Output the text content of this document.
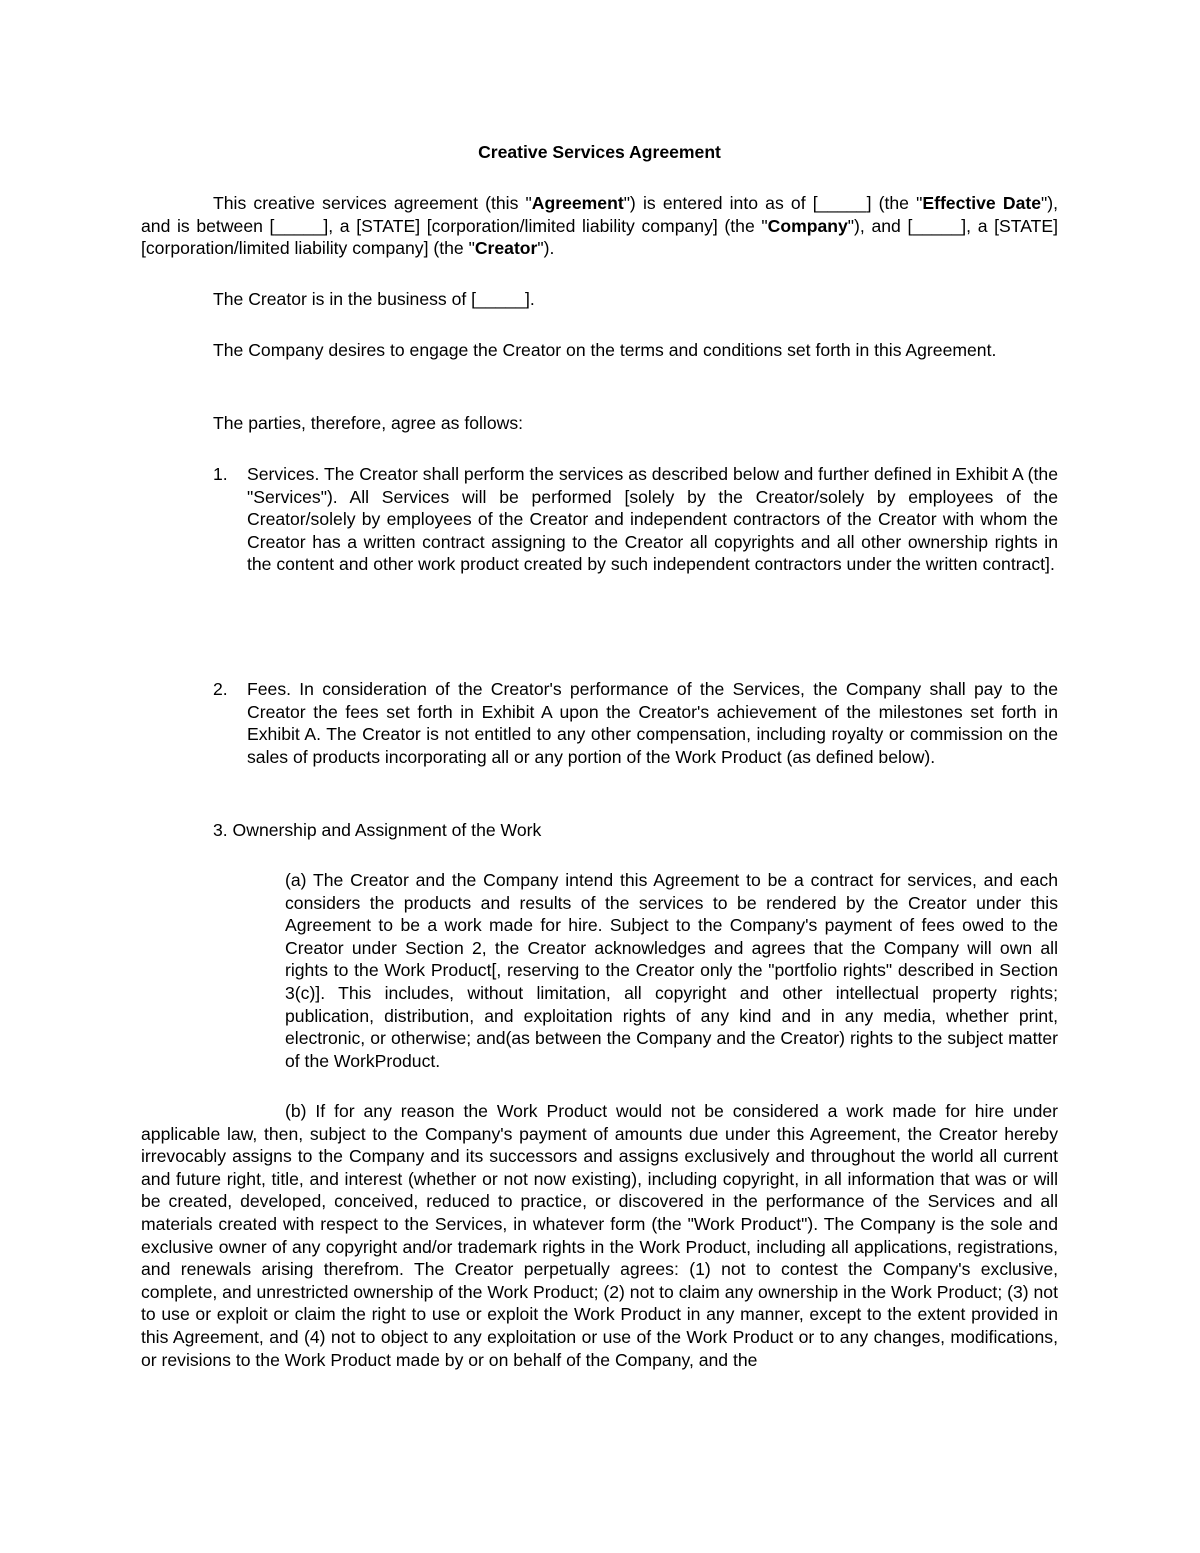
Creative Services Agreement

This creative services agreement (this "Agreement") is entered into as of [_____] (the "Effective Date"), and is between [_____], a [STATE] [corporation/limited liability company] (the "Company"), and [_____], a [STATE] [corporation/limited liability company] (the "Creator").

The Creator is in the business of [_____].

The Company desires to engage the Creator on the terms and conditions set forth in this Agreement.

The parties, therefore, agree as follows:

1. Services. The Creator shall perform the services as described below and further defined in Exhibit A (the "Services"). All Services will be performed [solely by the Creator/solely by employees of the Creator/solely by employees of the Creator and independent contractors of the Creator with whom the Creator has a written contract assigning to the Creator all copyrights and all other ownership rights in the content and other work product created by such independent contractors under the written contract].
2. Fees. In consideration of the Creator's performance of the Services, the Company shall pay to the Creator the fees set forth in Exhibit A upon the Creator's achievement of the milestones set forth in Exhibit A. The Creator is not entitled to any other compensation, including royalty or commission on the sales of products incorporating all or any portion of the Work Product (as defined below).

3. Ownership and Assignment of the Work

(a) The Creator and the Company intend this Agreement to be a contract for services, and each considers the products and results of the services to be rendered by the Creator under this Agreement to be a work made for hire. Subject to the Company's payment of fees owed to the Creator under Section 2, the Creator acknowledges and agrees that the Company will own all rights to the Work Product[, reserving to the Creator only the "portfolio rights" described in Section 3(c)]. This includes, without limitation, all copyright and other intellectual property rights; publication, distribution, and exploitation rights of any kind and in any media, whether print, electronic, or otherwise; and(as between the Company and the Creator) rights to the subject matter of the WorkProduct.

(b) If for any reason the Work Product would not be considered a work made for hire under applicable law, then, subject to the Company's payment of amounts due under this Agreement, the Creator hereby irrevocably assigns to the Company and its successors and assigns exclusively and throughout the world all current and future right, title, and interest (whether or not now existing), including copyright, in all information that was or will be created, developed, conceived, reduced to practice, or discovered in the performance of the Services and all materials created with respect to the Services, in whatever form (the "Work Product"). The Company is the sole and exclusive owner of any copyright and/or trademark rights in the Work Product, including all applications, registrations, and renewals arising therefrom. The Creator perpetually agrees: (1) not to contest the Company's exclusive, complete, and unrestricted ownership of the Work Product; (2) not to claim any ownership in the Work Product; (3) not to use or exploit or claim the right to use or exploit the Work Product in any manner, except to the extent provided in this Agreement, and (4) not to object to any exploitation or use of the Work Product or to any changes, modifications, or revisions to the Work Product made by or on behalf of the Company, and the
